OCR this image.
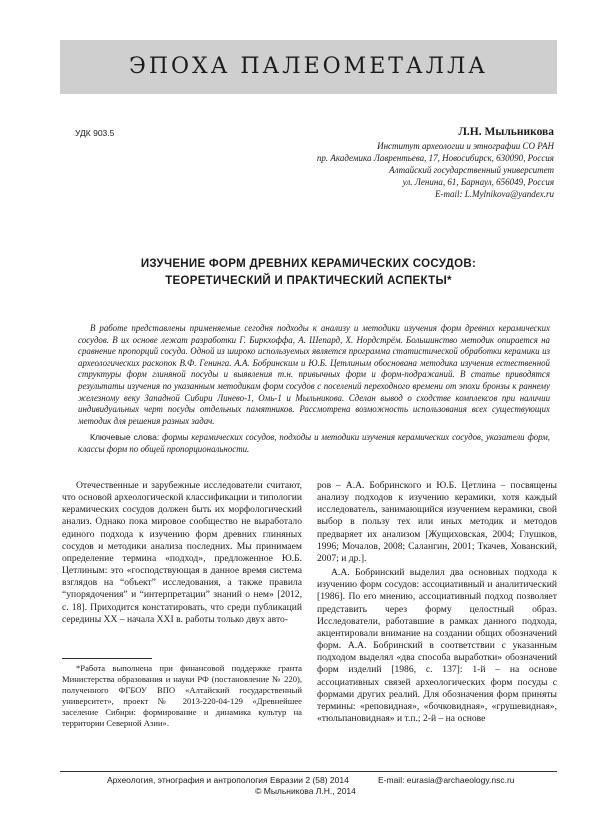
ЭПОХА ПАЛЕОМЕТАЛЛА
УДК 903.5	Л.Н. Мыльникова
Институт археологии и этнографии СО РАН
пр. Академика Лаврентьева, 17, Новосибирск, 630090, Россия
Алтайский государственный университет
ул. Ленина, 61, Барнаул, 656049, Россия
E-mail: L.Mylnikova@yandex.ru
ИЗУЧЕНИЕ ФОРМ ДРЕВНИХ КЕРАМИЧЕСКИХ СОСУДОВ:
ТЕОРЕТИЧЕСКИЙ И ПРАКТИЧЕСКИЙ АСПЕКТЫ*
В работе представлены применяемые сегодня подходы к анализу и методики изучения форм древних керамических сосудов. В их основе лежат разработки Г. Биркхоффа, А. Шепард, Х. Нордстрём. Большинство методик опирается на сравнение пропорций сосуда. Одной из широко используемых является программа статистической обработки керамики из археологических раскопок В.Ф. Генинга. А.А. Бобринским и Ю.Б. Цетлиным обоснована методика изучения естественной структуры форм глиняной посуды и выявления т.н. привычных форм и форм-подражаний. В статье приводятся результаты изучения по указанным методикам форм сосудов с поселений переходного времени от эпохи бронзы к раннему железному веку Западной Сибири Линево-1, Омь-1 и Мыльникова. Сделан вывод о сходстве комплексов при наличии индивидуальных черт посуды отдельных памятников. Рассмотрена возможность использования всех существующих методик для решения разных задач.
Ключевые слова: формы керамических сосудов, подходы и методики изучения керамических сосудов, указатели форм, классы форм по общей пропорциональности.

Отечественные и зарубежные исследователи считают, что основой археологической классификации и типологии керамических сосудов должен быть их морфологический анализ. Однако пока мировое сообщество не выработало единого подхода к изучению форм древних глиняных сосудов и методики анализа последних. Мы принимаем определение термина «подход», предложенное Ю.Б. Цетлиным: это «господствующая в данное время система взглядов на “объект” исследования, а также правила “упорядочения” и “интерпретации” знаний о нем» [2012, с. 18]. Приходится констатировать, что среди публикаций середины ХХ – начала ХХI в. работы только двух авто-

ров – А.А. Бобринского и Ю.Б. Цетлина – посвящены анализу подходов к изучению керамики, хотя каждый исследователь, занимающийся изучением керамики, свой выбор в пользу тех или иных методик и методов предваряет их анализом [Жущиховская, 2004; Глушков, 1996; Мочалов, 2008; Салангин, 2001; Ткачев, Хованский, 2007; и др.].

А.А. Бобринский выделил два основных подхода к изучению форм сосудов: ассоциативный и аналитический [1986]. По его мнению, ассоциативный подход позволяет представить через форму целостный образ. Исследователи, работавшие в рамках данного подхода, акцентировали внимание на создании общих обозначений форм. А.А. Бобринский в соответствии с указанным подходом выделял «два способа выработки» обозначений форм изделий [1986, с. 137]: 1-й – на основе ассоциативных связей археологических форм посуды с формами других реалий. Для обозначения форм приняты термины: «реповидная», «бочковидная», «грушевидная», «тюльпановидная» и т.п.; 2-й – на основе

*Работа выполнена при финансовой поддержке гранта Министерства образования и науки РФ (постановление № 220), полученного ФГБОУ ВПО «Алтайский государственный университет», проект № 2013-220-04-129 «Древнейшее заселение Сибири: формирование и динамика культур на территории Северной Азии».
Археология, этнография и антропология Евразии 2 (58) 2014	E-mail: eurasia@archaeology.nsc.ru
© Мыльникова Л.Н., 2014
